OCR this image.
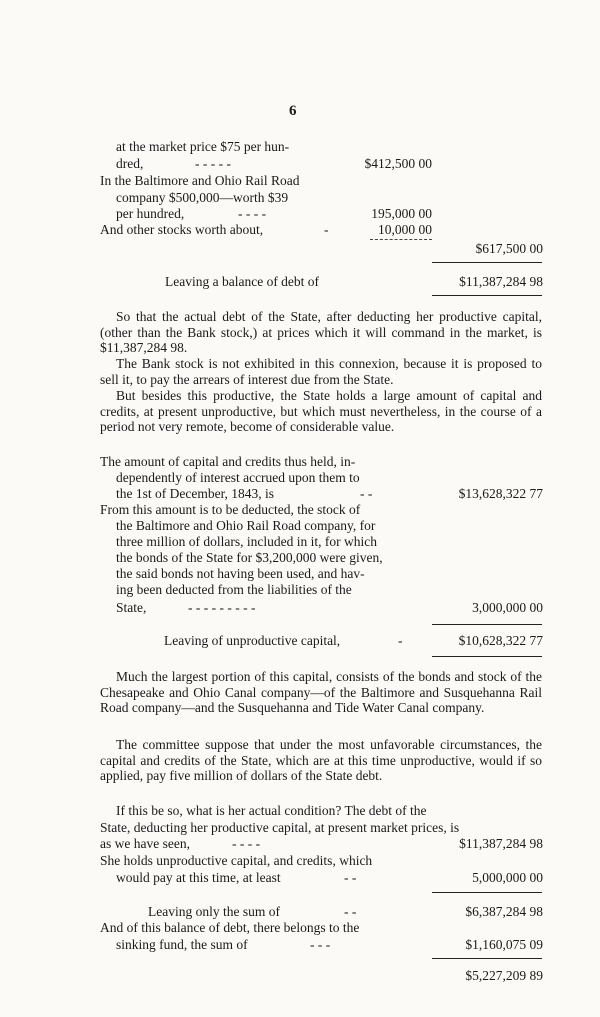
6
at the market price $75 per hun-
dred,	- - - - -	$412,500 00
In the Baltimore and Ohio Rail Road
company $500,000—worth $39
per hundred,	- - - -	195,000 00
And other stocks worth about,	-	10,000 00
$617,500 00
Leaving a balance of debt of	$11,387,284 98
So that the actual debt of the State, after deducting her productive capital, (other than the Bank stock,) at prices which it will command in the market, is $11,387,284 98.
The Bank stock is not exhibited in this connexion, because it is proposed to sell it, to pay the arrears of interest due from the State.
But besides this productive, the State holds a large amount of capital and credits, at present unproductive, but which must nevertheless, in the course of a period not very remote, become of considerable value.
The amount of capital and credits thus held, in-
dependently of interest accrued upon them to
the 1st of December, 1843, is	- -	$13,628,322 77
From this amount is to be deducted, the stock of
the Baltimore and Ohio Rail Road company, for
three million of dollars, included in it, for which
the bonds of the State for $3,200,000 were given,
the said bonds not having been used, and hav-
ing been deducted from the liabilities of the
State,	- - - - - - - - -	3,000,000 00
Leaving of unproductive capital,	-	$10,628,322 77
Much the largest portion of this capital, consists of the bonds and stock of the Chesapeake and Ohio Canal company—of the Baltimore and Susquehanna Rail Road company—and the Susquehanna and Tide Water Canal company.
The committee suppose that under the most unfavorable circumstances, the capital and credits of the State, which are at this time unproductive, would if so applied, pay five million of dollars of the State debt.
If this be so, what is her actual condition? The debt of the
State, deducting her productive capital, at present market prices, is
as we have seen,	- - - -	$11,387,284 98
She holds unproductive capital, and credits, which
would pay at this time, at least	- -	5,000,000 00
Leaving only the sum of	- -	$6,387,284 98
And of this balance of debt, there belongs to the
sinking fund, the sum of	- - -	$1,160,075 09
$5,227,209 89
